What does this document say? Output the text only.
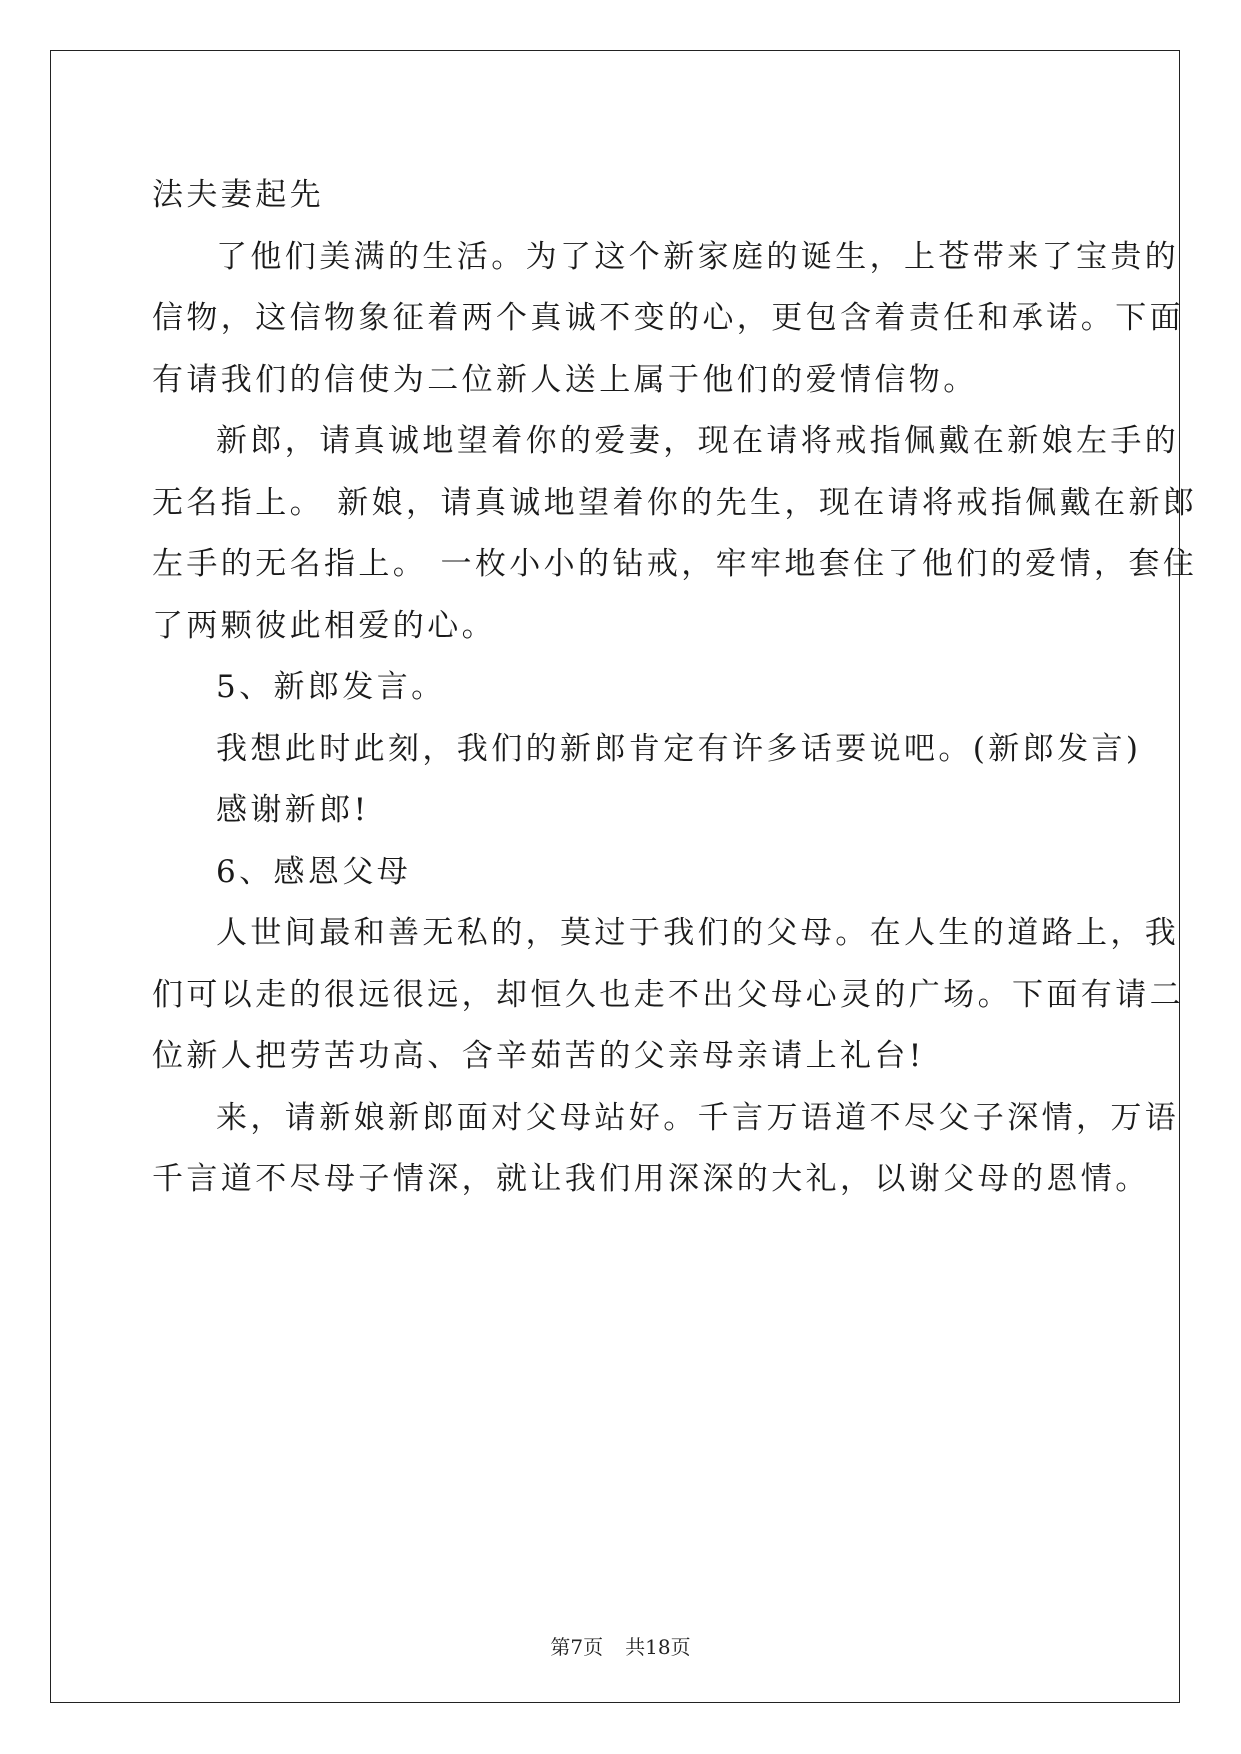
法夫妻起先

了他们美满的生活。为了这个新家庭的诞生，上苍带来了宝贵的

信物，这信物象征着两个真诚不变的心，更包含着责任和承诺。下面

有请我们的信使为二位新人送上属于他们的爱情信物。

新郎，请真诚地望着你的爱妻，现在请将戒指佩戴在新娘左手的

无名指上。 新娘，请真诚地望着你的先生，现在请将戒指佩戴在新郎

左手的无名指上。 一枚小小的钻戒，牢牢地套住了他们的爱情，套住

了两颗彼此相爱的心。

5、新郎发言。

我想此时此刻，我们的新郎肯定有许多话要说吧。(新郎发言)

感谢新郎!

6、感恩父母

人世间最和善无私的，莫过于我们的父母。在人生的道路上，我

们可以走的很远很远，却恒久也走不出父母心灵的广场。下面有请二

位新人把劳苦功高、含辛茹苦的父亲母亲请上礼台!

来，请新娘新郎面对父母站好。千言万语道不尽父子深情，万语

千言道不尽母子情深，就让我们用深深的大礼，以谢父母的恩情。

第7页 共18页
